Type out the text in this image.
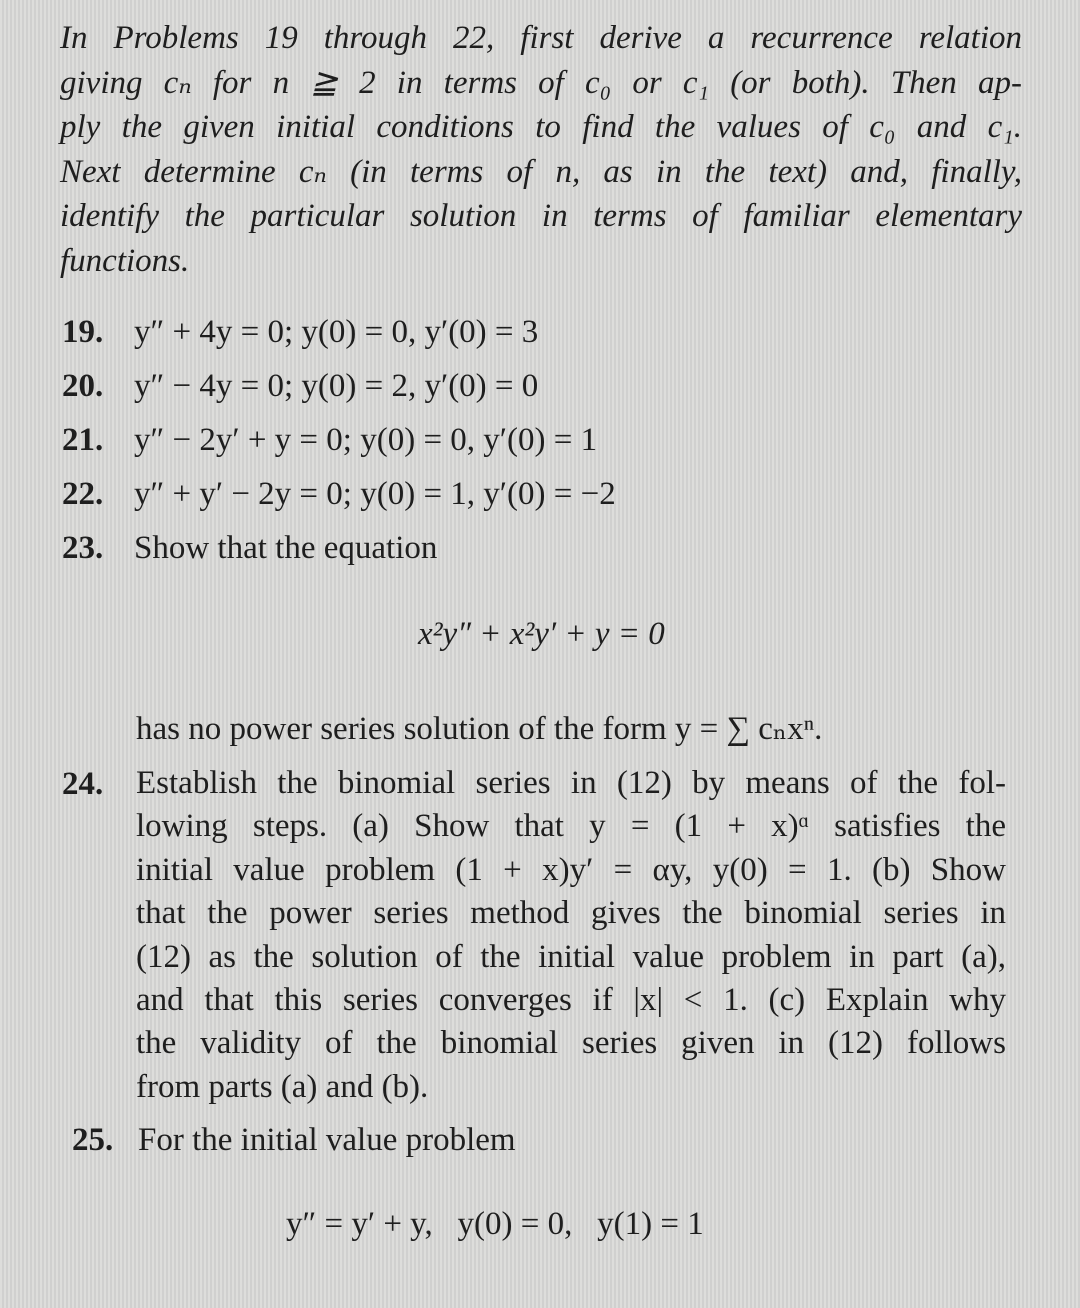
In Problems 19 through 22, first derive a recurrence relation
giving cₙ for n ≧ 2 in terms of c₀ or c₁ (or both). Then ap-
ply the given initial conditions to find the values of c₀ and c₁.
Next determine cₙ (in terms of n, as in the text) and, finally,
identify the particular solution in terms of familiar elementary
functions.
19. y″ + 4y = 0; y(0) = 0, y′(0) = 3
20. y″ − 4y = 0; y(0) = 2, y′(0) = 0
21. y″ − 2y′ + y = 0; y(0) = 0, y′(0) = 1
22. y″ + y′ − 2y = 0; y(0) = 1, y′(0) = −2
23. Show that the equation
x²y″ + x²y′ + y = 0
has no power series solution of the form y = ∑ cₙxⁿ.
24. Establish the binomial series in (12) by means of the fol-
lowing steps. (a) Show that y = (1 + x)ᵅ satisfies the
initial value problem (1 + x)y′ = αy, y(0) = 1. (b) Show
that the power series method gives the binomial series in
(12) as the solution of the initial value problem in part (a),
and that this series converges if |x| < 1. (c) Explain why
the validity of the binomial series given in (12) follows
from parts (a) and (b).
25. For the initial value problem
y″ = y′ + y,   y(0) = 0,   y(1) = 1
